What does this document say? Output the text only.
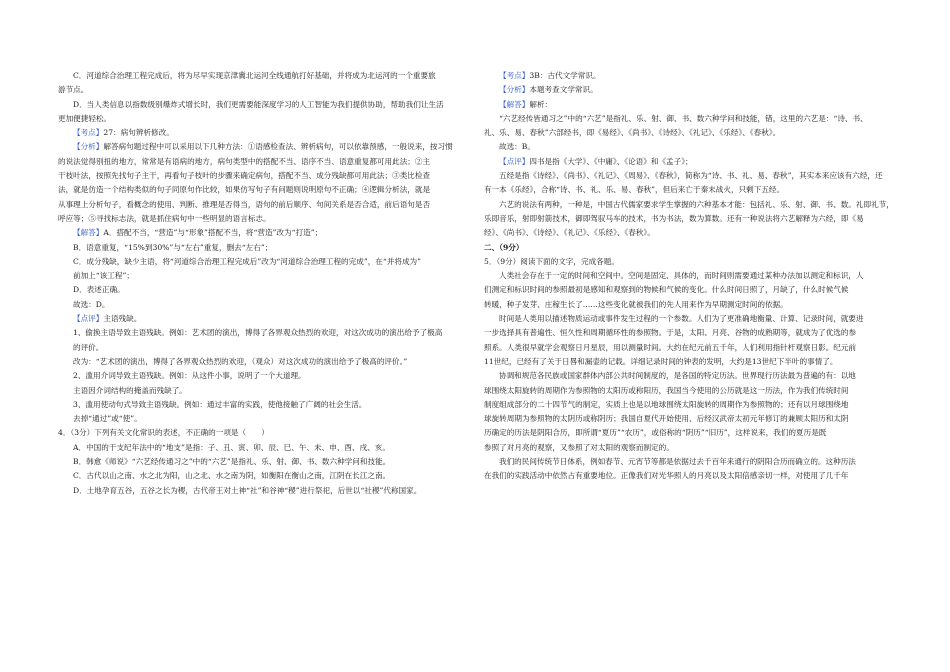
C．河道综合治理工程完成后，将为尽早实现京津冀北运河全线通航打好基础，并将成为北运河的一个重要旅

游节点。

D．当人类信息以指数级别爆炸式增长时，我们更需要能深度学习的人工智能为我们提供协助，帮助我们让生活

更加便捷轻松。

【考点】27：病句辨析修改。

【分析】解答病句题过程中可以采用以下几种方法：①语感检查法、辨析病句，可以依靠预感，一般说来，按习惯

的说法觉得别扭的地方，常常是有语病的地方，病句类型中的搭配不当、语序不当、语意重复都可用此法；②主

干枝叶法，按照先找句子主干，再看句子枝叶的步骤来确定病句，搭配不当、成分残缺都可用此法；③类比检查

法，就是仿造一个结构类似的句子同原句作比较，如果仿写句子有问题则说明原句不正确；④逻辑分析法，就是

从事理上分析句子，看概念的使用、判断、推理是否得当，语句的前后顺序、句间关系是否合适，前后语句是否

呼应等；⑤寻找标志法，就是抓住病句中一些明显的语言标志。

【解答】A．搭配不当，“营造”与“形象”搭配不当，将“营造”改为“打造”；

B．语意重复，“15%到30%”与“左右”重复，删去“左右”；

C．成分残缺，缺少主语，将“河道综合治理工程完成后”改为“河道综合治理工程的完成”，在“并将成为”

前加上“该工程”；

D．表述正确。

故选：D。

【点评】主语残缺。

1、偷换主语导致主语残缺。例如：艺术团的演出，博得了各界观众热烈的欢迎，对这次成功的演出给予了极高

的评价。

改为：“艺术团的演出，博得了各界观众热烈的欢迎，（观众）对这次成功的演出给予了极高的评价。”

2、滥用介词导致主语残缺。例如：从这件小事，说明了一个大道理。

主语因介词结构的掩盖而残缺了。

3、滥用使动句式导致主语残缺。例如：通过丰富的实践，使他接触了广阔的社会生活。

去掉“通过”或“使”。

4．（3分）下列有关文化常识的表述，不正确的一项是（　　）

A．中国的干支纪年法中的“地支”是指：子、丑、寅、卯、辰、巳、午、未、申、酉、戌、亥。

B．韩愈《师说》“六艺经传通习之”中的“六艺”是指礼、乐、射、御、书、数六种学问和技能。

C．古代以山之南、水之北为阳，山之北、水之南为阴，如衡阳在衡山之南，江阴在长江之南。

D．土地孕育五谷，五谷之长为稷，古代帝王对土神“社”和谷神“稷”进行祭祀，后世以“社稷”代称国家。

【考点】3B：古代文学常识。

【分析】本题考查文学常识。

【解答】解析：

“六艺经传皆通习之”中的“六艺”是指礼、乐、射、御、书、数六种学问和技能，错，这里的六艺是：“诗、书、

礼、乐、易、春秋”六部经书，即《易经》、《尚书》、《诗经》、《礼记》、《乐经》、《春秋》。

故选：B。

【点评】四书是指《大学》、《中庸》、《论语》和《孟子》；

五经是指《诗经》、《尚书》、《礼记》、《周易》、《春秋》，简称为“诗、书、礼、易、春秋”，其实本来应该有六经，还

有一本《乐经》，合称“诗、书、礼、乐、易、春秋”，但后来亡于秦末战火，只剩下五经。

六艺的说法有两种，一种是，中国古代儒家要求学生掌握的六种基本才能：包括礼、乐、射、御、书、数。礼即礼节，

乐即音乐，射即射箭技术，御即驾驭马车的技术，书为书法，数为算数。还有一种说法将六艺解释为六经，即《易

经》、《尚书》、《诗经》、《礼记》、《乐经》、《春秋》。

二、（9分）

5．（9分）阅读下面的文字，完成各题。

人类社会存在于一定的时间和空间中。空间是固定、具体的，而时间则需要通过某种办法加以测定和标识，人

们测定和标识时间的参照最初是感知和观察到的物候和气候的变化。什么时间日照了，月缺了，什么时候气候

转暖，种子发芽、庄稼生长了……这些变化就被我们的先人用来作为早期测定时间的依据。

时间是人类用以描述物质运动或事件发生过程的一个参数。人们为了更准确地衡量、计算、记录时间，就要进

一步选择具有普遍性、恒久性和周期循环性的参照物。于是，太阳、月亮、谷物的成熟期等，就成为了优选的参

照系。人类很早就学会观察日月星辰，用以测量时间。大约在纪元前五千年，人们利用指针杆观察日影。纪元前

11世纪，已经有了关于日晷和漏壶的记载。详细记录时间的钟表的发明，大约是13世纪下半叶的事情了。

协调和规范各民族或国家群体内部公共时间制度的，是各国的特定历法。世界现行历法最为普遍的有：以地

球围绕太阳旋转的周期作为参照物的太阳历或称阳历，我国当今使用的公历就是这一历法，作为我们传统时间

制度组成部分的二十四节气的制定，实质上也是以地球围绕太阳旋转的周期作为参照物的；还有以月球围绕地

球旋转周期为参照物的太阴历或称阴历；我国自夏代开始使用、后经汉武帝太初元年修订的兼顾太阳历和太阴

历确定的历法是阴阳合历，即所谓“夏历”“农历”，或俗称的“阴历”“旧历”，这样说来，我们的夏历是既

参照了对月亮的观察，又参照了对太阳的观察而制定的。

我们的民间传统节日体系，例如春节、元宵节等都是依据过去千百年来通行的阴阳合历而确立的。这种历法

在我们的实践活动中依然占有重要地位。正像我们对光华照人的月亮以及太阳倍感亲切一样，对使用了几千年
